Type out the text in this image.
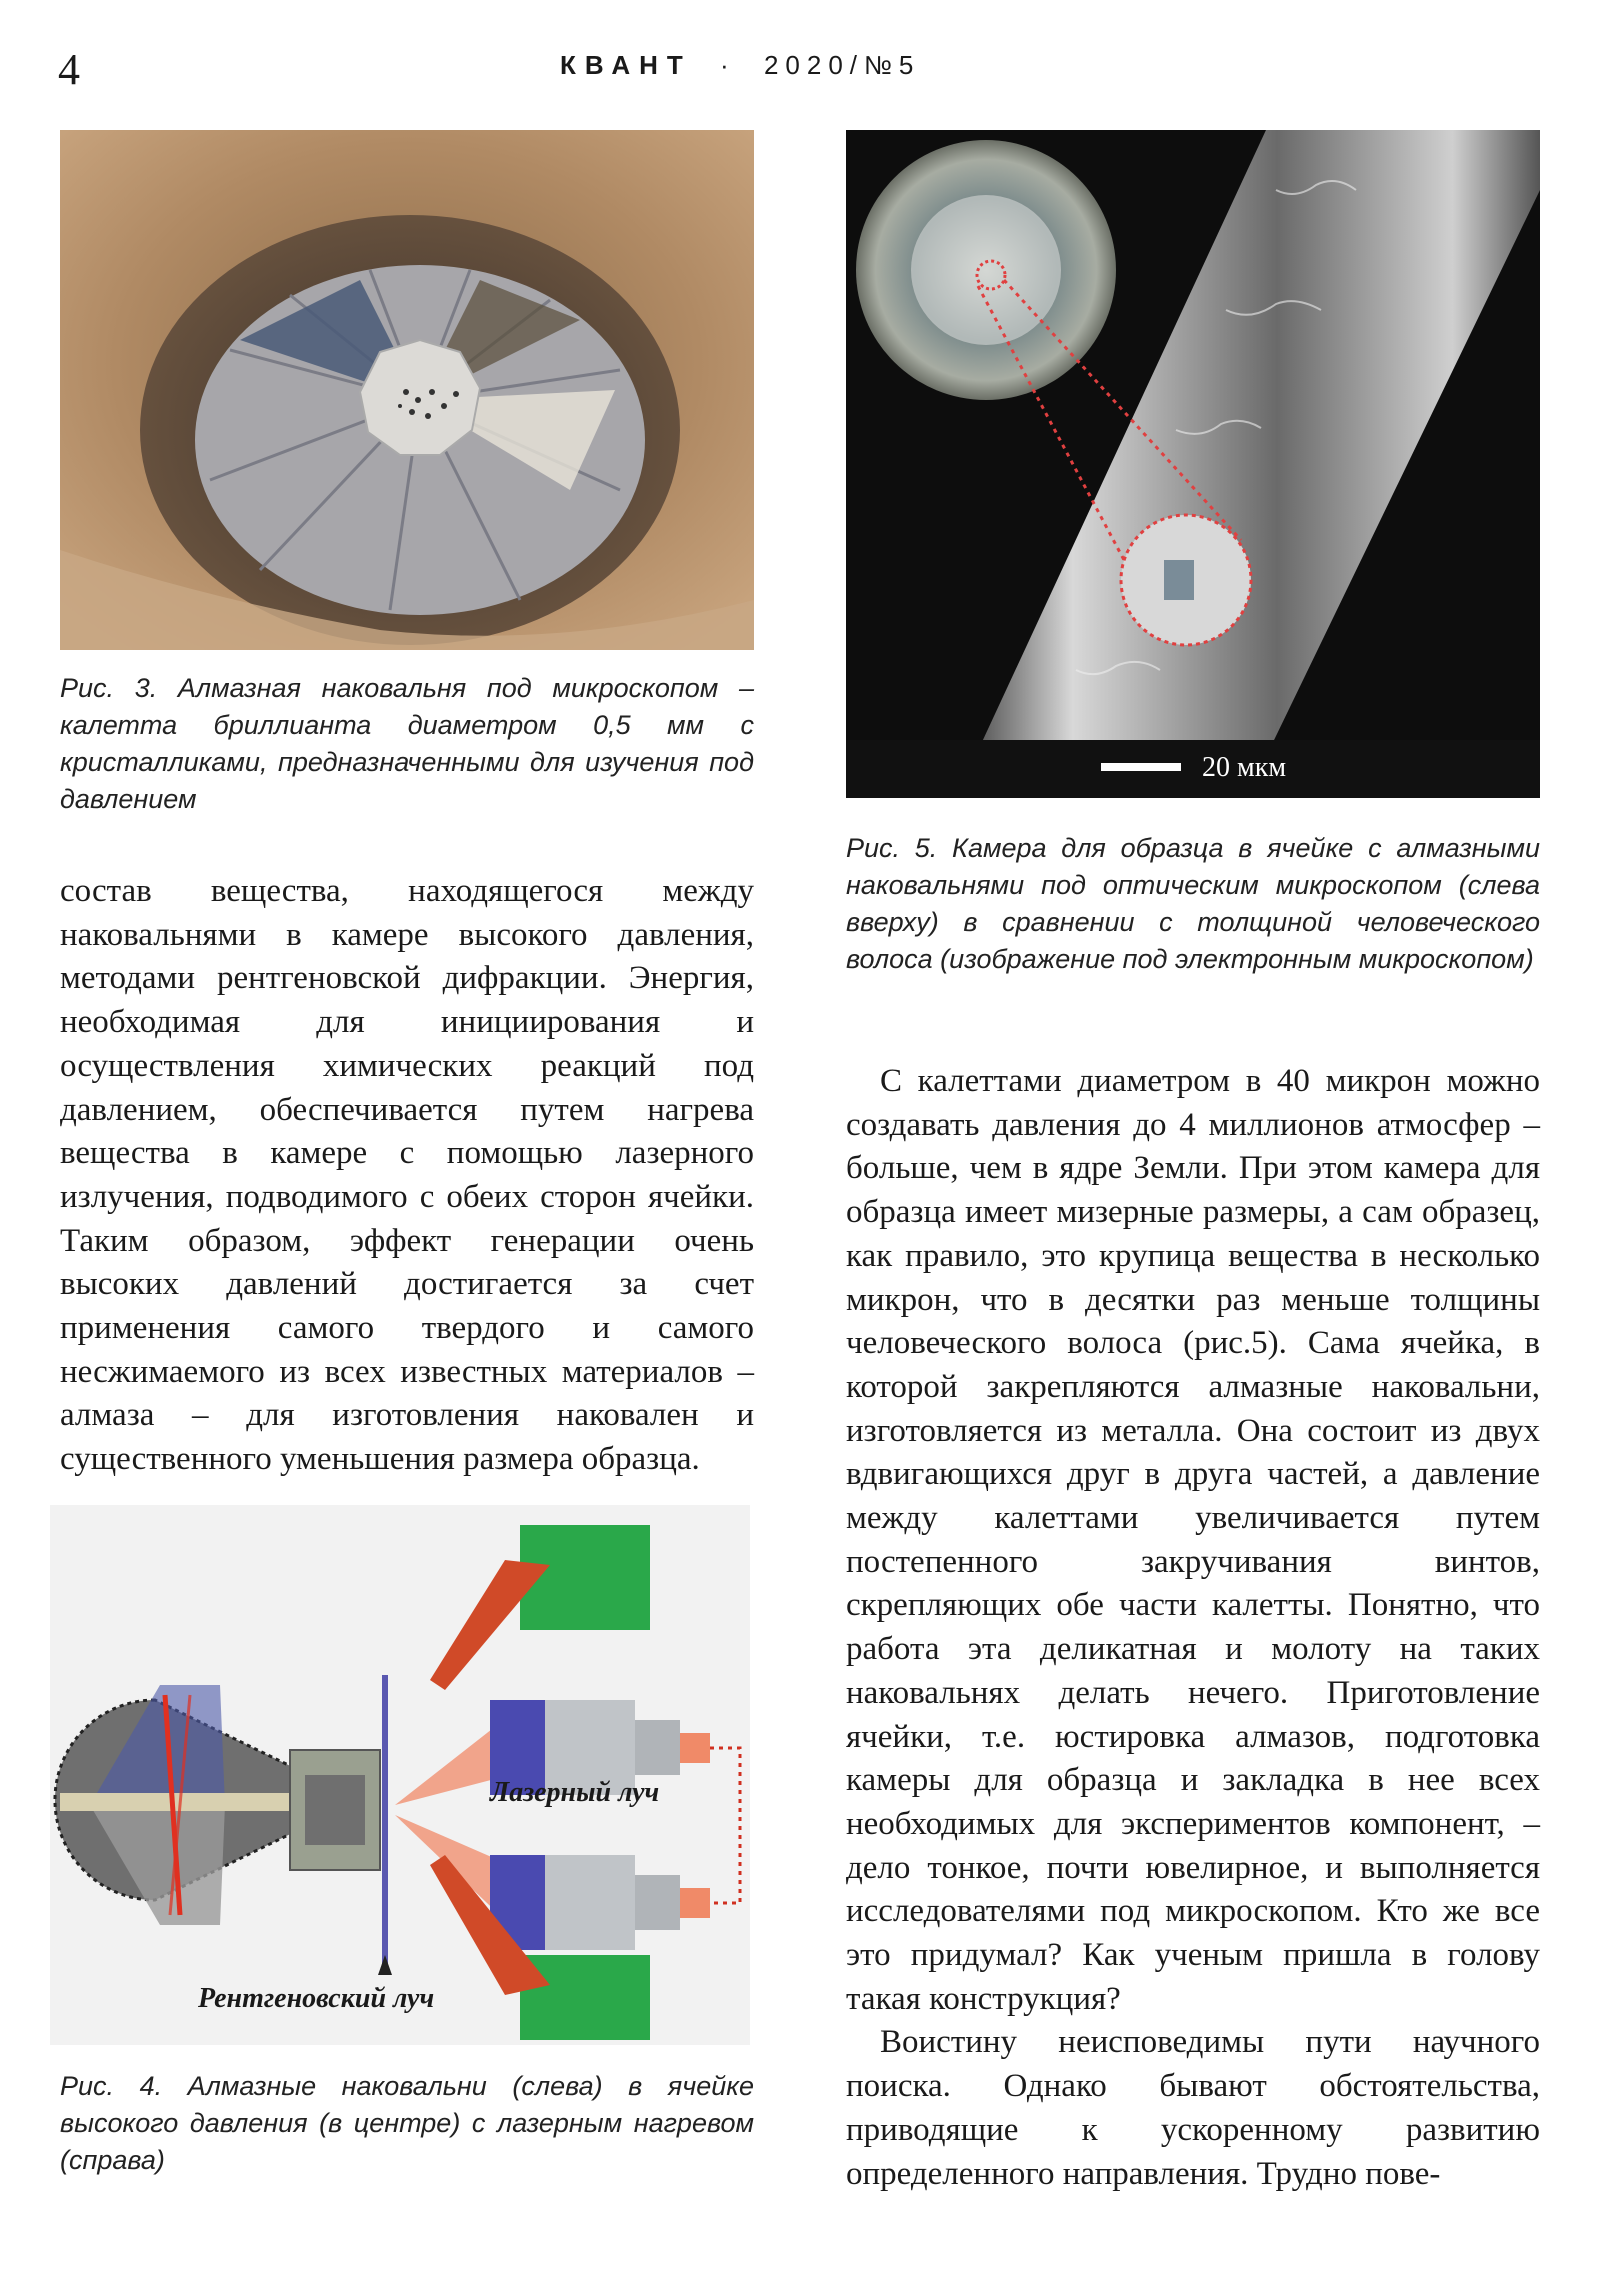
4	КВАНТ · 2020/№5
Рис. 3. Алмазная наковальня под микроскопом – калетта бриллианта диаметром 0,5 мм с кристалликами, предназначенными для изучения под давлением
20 мкм
Рис. 5. Камера для образца в ячейке с алмазными наковальнями под оптическим микроскопом (слева вверху) в сравнении с толщиной человеческого волоса (изображение под электронным микроскопом)

состав вещества, находящегося между наковальнями в камере высокого давления, методами рентгеновской дифракции. Энергия, необходимая для инициирования и осуществления химических реакций под давлением, обеспечивается путем нагрева вещества в камере с помощью лазерного излучения, подводимого с обеих сторон ячейки. Таким образом, эффект генерации очень высоких давлений достигается за счет применения самого твердого и самого несжимаемого из всех известных материалов – алмаза – для изготовления наковален и существенного уменьшения размера образца.

Лазерный луч
Рентгеновский луч
Рис. 4. Алмазные наковальни (слева) в ячейке высокого давления (в центре) с лазерным нагревом (справа)

С калеттами диаметром в 40 микрон можно создавать давления до 4 миллионов атмосфер – больше, чем в ядре Земли. При этом камера для образца имеет мизерные размеры, а сам образец, как правило, это крупица вещества в несколько микрон, что в десятки раз меньше толщины человеческого волоса (рис.5). Сама ячейка, в которой закрепляются алмазные наковальни, изготовляется из металла. Она состоит из двух вдвигающихся друг в друга частей, а давление между калеттами увеличивается путем постепенного закручивания винтов, скрепляющих обе части калетты. Понятно, что работа эта деликатная и молоту на таких наковальнях делать нечего. Приготовление ячейки, т.е. юстировка алмазов, подготовка камеры для образца и закладка в нее всех необходимых для экспериментов компонент, – дело тонкое, почти ювелирное, и выполняется исследователями под микроскопом. Кто же все это придумал? Как ученым пришла в голову такая конструкция?

Воистину неисповедимы пути научного поиска. Однако бывают обстоятельства, приводящие к ускоренному развитию определенного направления. Трудно пове-
